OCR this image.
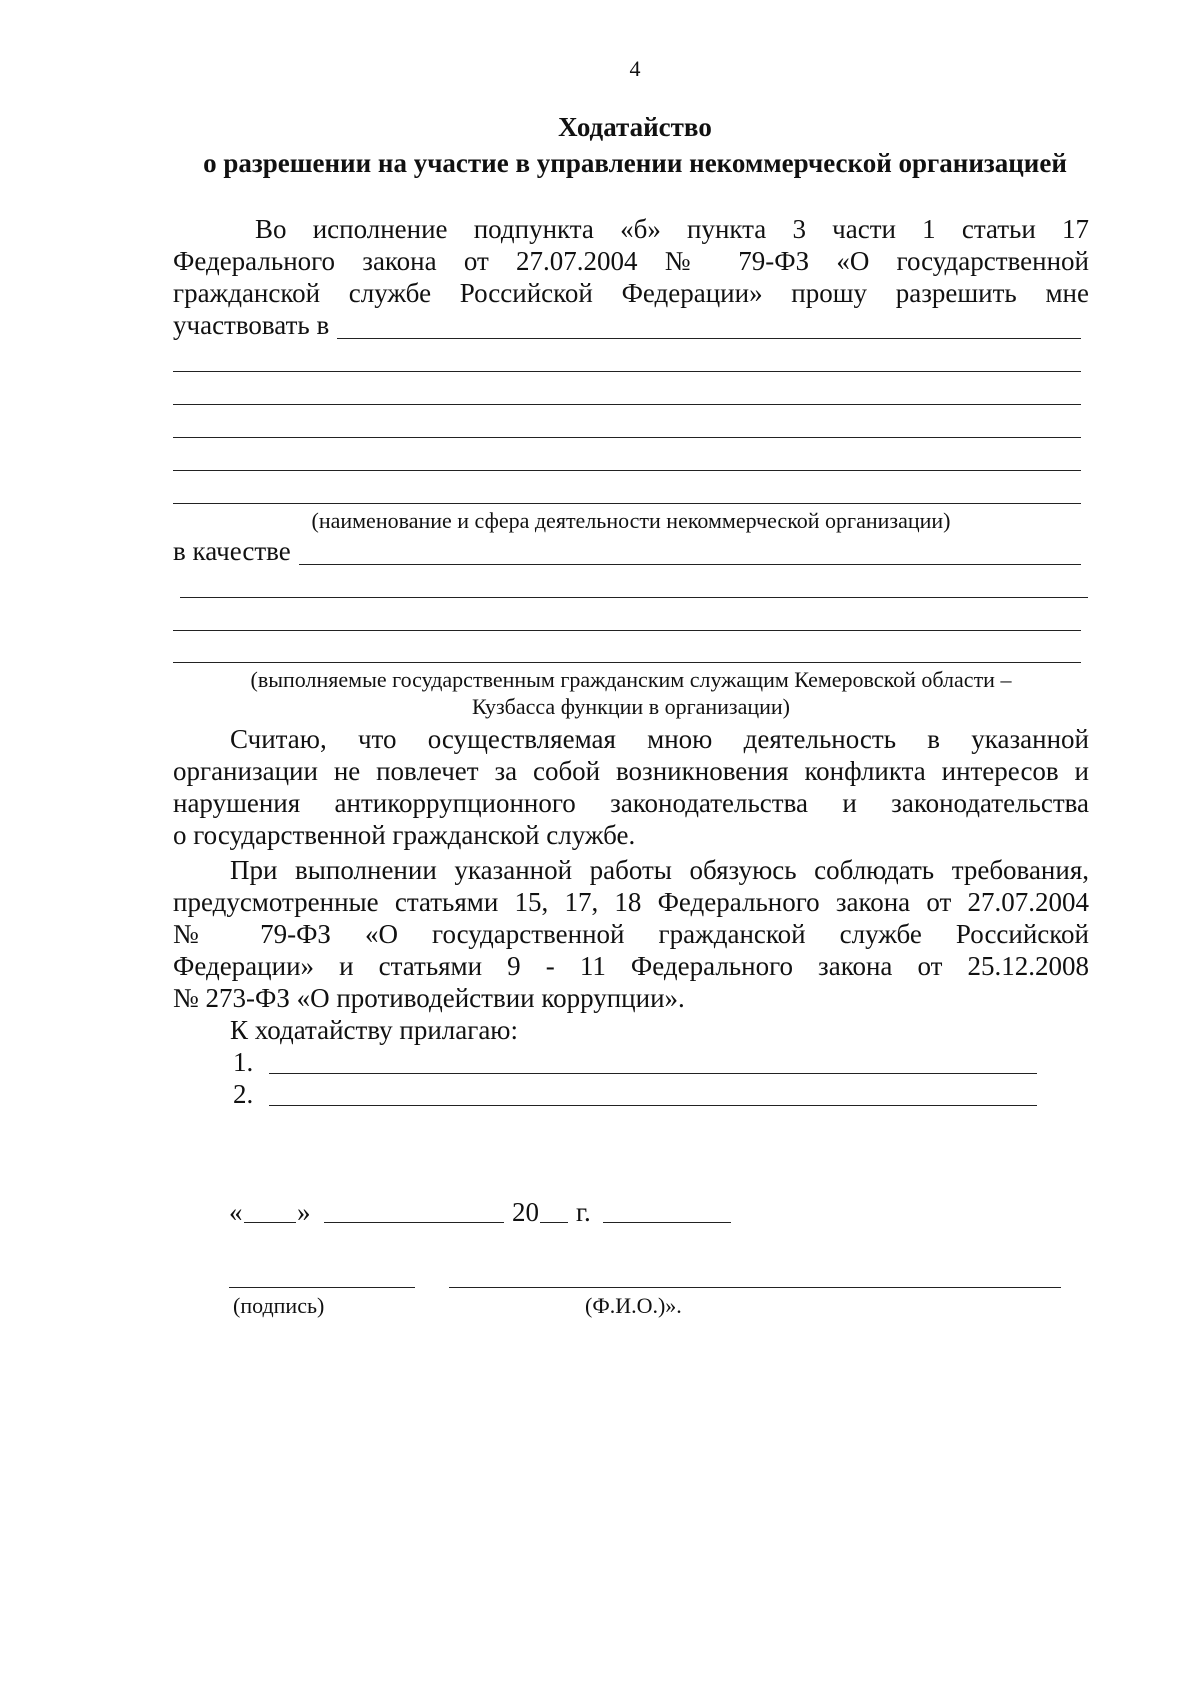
4
Ходатайство
о разрешении на участие в управлении некоммерческой организацией
Во исполнение подпункта «б» пункта 3 части 1 статьи 17
Федерального закона от 27.07.2004 № 79-ФЗ «О государственной
гражданской службе Российской Федерации» прошу разрешить мне
участвовать в
(наименование и сфера деятельности некоммерческой организации)
в качестве
(выполняемые государственным гражданским служащим Кемеровской области –
Кузбасса функции в организации)
Считаю, что осуществляемая мною деятельность в указанной
организации не повлечет за собой возникновения конфликта интересов и
нарушения антикоррупционного законодательства и законодательства
о государственной гражданской службе.
При выполнении указанной работы обязуюсь соблюдать требования,
предусмотренные статьями 15, 17, 18 Федерального закона от 27.07.2004
№ 79-ФЗ «О государственной гражданской службе Российской
Федерации» и статьями 9 - 11 Федерального закона от 25.12.2008
№ 273-ФЗ «О противодействии коррупции».
К ходатайству прилагаю:
1.
2.
« »	20 г.
(подпись)	(Ф.И.О.)».
